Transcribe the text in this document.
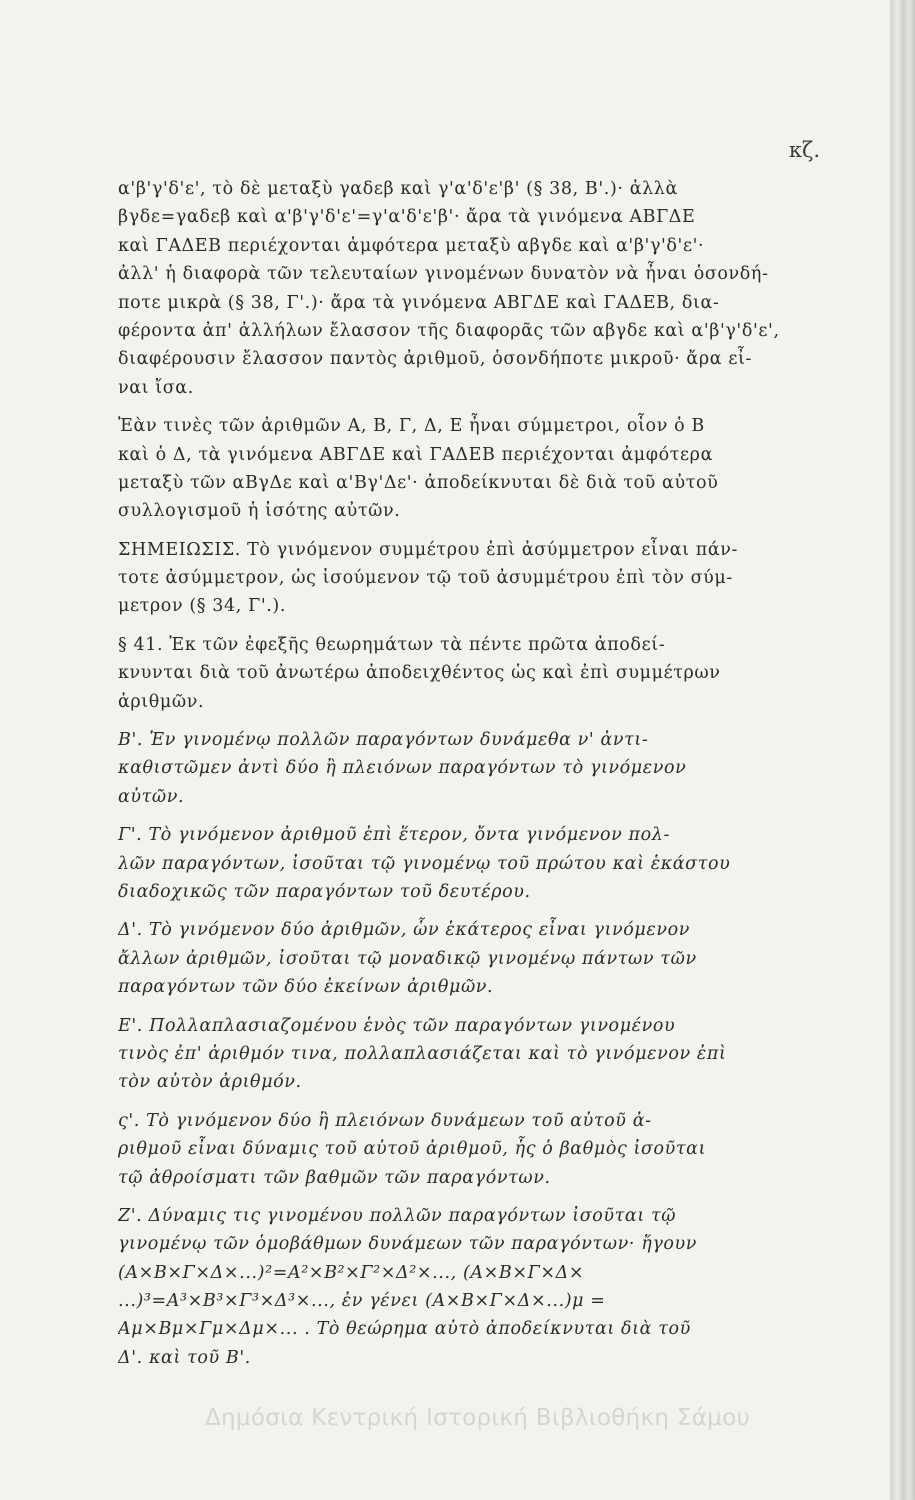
κζ.
α'β'γ'δ'ε', τὸ δὲ μεταξὺ γαδεβ καὶ γ'α'δ'ε'β' (§ 38, Β'.)· ἀλλὰ
βγδε=γαδεβ καὶ α'β'γ'δ'ε'=γ'α'δ'ε'β'· ἄρα τὰ γινόμενα ΑΒΓΔΕ
καὶ ΓΑΔΕΒ περιέχονται ἀμφότερα μεταξὺ αβγδε καὶ α'β'γ'δ'ε'·
ἀλλ' ἡ διαφορὰ τῶν τελευταίων γινομένων δυνατὸν νὰ ἦναι ὁσονδή-
ποτε μικρὰ (§ 38, Γ'.)· ἄρα τὰ γινόμενα ΑΒΓΔΕ καὶ ΓΑΔΕΒ, δια-
φέροντα ἀπ' ἀλλήλων ἔλασσον τῆς διαφορᾶς τῶν αβγδε καὶ α'β'γ'δ'ε',
διαφέρουσιν ἔλασσον παντὸς ἀριθμοῦ, ὁσονδήποτε μικροῦ· ἄρα εἶ-
ναι ἴσα.
Ἐὰν τινὲς τῶν ἀριθμῶν Α, Β, Γ, Δ, Ε ἦναι σύμμετροι, οἷον ὁ Β
καὶ ὁ Δ, τὰ γινόμενα ΑΒΓΔΕ καὶ ΓΑΔΕΒ περιέχονται ἀμφότερα
μεταξὺ τῶν αΒγΔε καὶ α'Βγ'Δε'· ἀποδείκνυται δὲ διὰ τοῦ αὐτοῦ
συλλογισμοῦ ἡ ἰσότης αὐτῶν.
ΣΗΜΕΙΩΣΙΣ. Τὸ γινόμενον συμμέτρου ἐπὶ ἀσύμμετρον εἶναι πάν-
τοτε ἀσύμμετρον, ὡς ἰσούμενον τῷ τοῦ ἀσυμμέτρου ἐπὶ τὸν σύμ-
μετρον (§ 34, Γ'.).
§ 41. Ἐκ τῶν ἐφεξῆς θεωρημάτων τὰ πέντε πρῶτα ἀποδεί-
κνυνται διὰ τοῦ ἀνωτέρω ἀποδειχθέντος ὡς καὶ ἐπὶ συμμέτρων
ἀριθμῶν.
Β'. Ἐν γινομένῳ πολλῶν παραγόντων δυνάμεθα ν' ἀντι-
καθιστῶμεν ἀντὶ δύο ἢ πλειόνων παραγόντων τὸ γινόμενον
αὐτῶν.
Γ'. Τὸ γινόμενον ἀριθμοῦ ἐπὶ ἕτερον, ὄντα γινόμενον πολ-
λῶν παραγόντων, ἰσοῦται τῷ γινομένῳ τοῦ πρώτου καὶ ἑκάστου
διαδοχικῶς τῶν παραγόντων τοῦ δευτέρου.
Δ'. Τὸ γινόμενον δύο ἀριθμῶν, ὧν ἑκάτερος εἶναι γινόμενον
ἄλλων ἀριθμῶν, ἰσοῦται τῷ μοναδικῷ γινομένῳ πάντων τῶν
παραγόντων τῶν δύο ἐκείνων ἀριθμῶν.
Ε'. Πολλαπλασιαζομένου ἑνὸς τῶν παραγόντων γινομένου
τινὸς ἐπ' ἀριθμόν τινα, πολλαπλασιάζεται καὶ τὸ γινόμενον ἐπὶ
τὸν αὐτὸν ἀριθμόν.
ς'. Τὸ γινόμενον δύο ἢ πλειόνων δυνάμεων τοῦ αὐτοῦ ἀ-
ριθμοῦ εἶναι δύναμις τοῦ αὐτοῦ ἀριθμοῦ, ἧς ὁ βαθμὸς ἰσοῦται
τῷ ἀθροίσματι τῶν βαθμῶν τῶν παραγόντων.
Ζ'. Δύναμις τις γινομένου πολλῶν παραγόντων ἰσοῦται τῷ
γινομένῳ τῶν ὁμοβάθμων δυνάμεων τῶν παραγόντων· ἤγουν
(Α×Β×Γ×Δ×...)²=Α²×Β²×Γ²×Δ²×..., (Α×Β×Γ×Δ×
...)³=Α³×Β³×Γ³×Δ³×..., ἐν γένει (Α×Β×Γ×Δ×...)μ =
Αμ×Βμ×Γμ×Δμ×... . Τὸ θεώρημα αὐτὸ ἀποδείκνυται διὰ τοῦ
Δ'. καὶ τοῦ Β'.
Δημόσια Κεντρική Ιστορική Βιβλιοθήκη Σάμου
